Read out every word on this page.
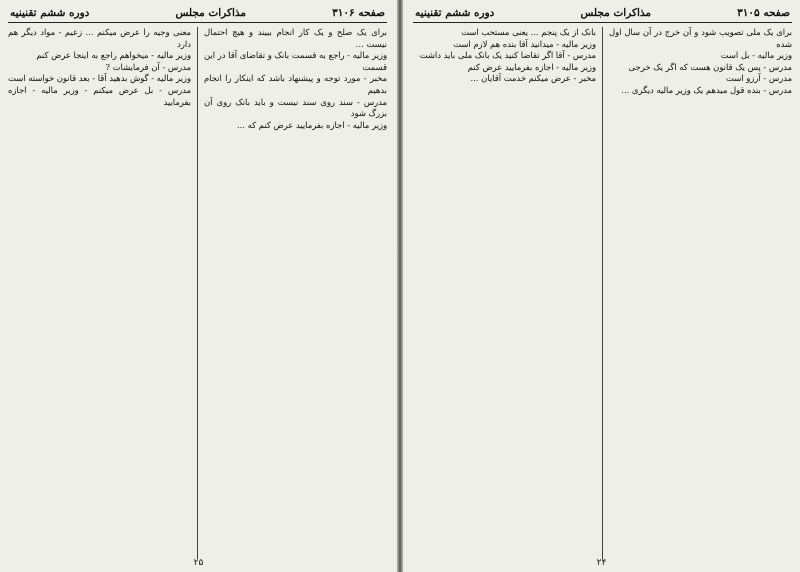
صفحه ۳۱۰۶
مذاکرات مجلس
دوره ششم تقنینیه

برای یک صلح و یک کار انجام ببیند و هیچ احتمال نیست ...

وزیر مالیه - راجع به قسمت بانک و تقاضای آقا در این قسمت

مخبر - مورد توجه و پیشنهاد باشد که اینکار را انجام بدهیم

مدرس - سند روی سند نیست و باید بانک روی آن بزرگ شود

وزیر مالیه - اجازه بفرمایید عرض کنم که ...

معنی وجیه را عرض میکنم ... زعیم - مواد دیگر هم دارد

وزیر مالیه - میخواهم راجع به اینجا عرض کنم

مدرس - آن فرمایشات ?

وزیر مالیه - گوش بدهید آقا - بعد قانون خواسته است

مدرس - بل عرض میکنم - وزیر مالیه - اجازه بفرمایید

۲۵
صفحه ۳۱۰۵
مذاکرات مجلس
دوره ششم تقنینیه

برای یک ملی تصویب شود و آن خرج در آن سال اول شده

وزیر مالیه - بل است

مدرس - پس یک قانون هست که اگر یک خرجی

مدرس - آرزو است

مدرس - بنده قول میدهم یک وزیر مالیه دیگری ...

بانک از یک پنجم ... یعنی مستحب است

وزیر مالیه - میدانید آقا بنده هم لازم است

مدرس - آقا اگر تقاضا کنید یک بانک ملی باید داشت

وزیر مالیه - اجازه بفرمایید عرض کنم

مخبر - عرض میکنم خدمت آقایان ...

۲۴
